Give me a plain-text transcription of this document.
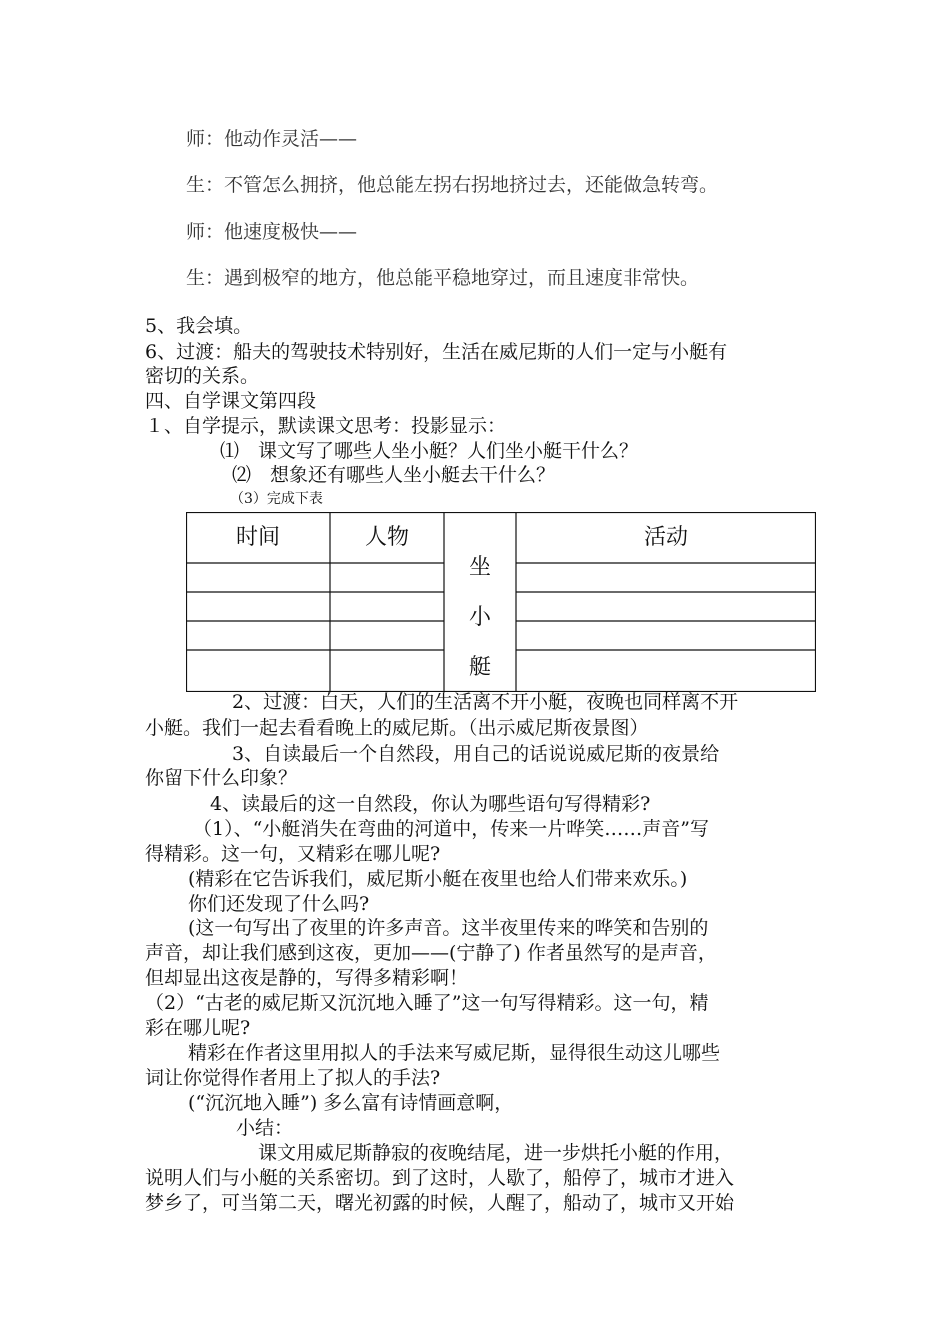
师：他动作灵活——
生：不管怎么拥挤，他总能左拐右拐地挤过去，还能做急转弯。
师：他速度极快——
生：遇到极窄的地方，他总能平稳地穿过，而且速度非常快。
5、我会填。
6、过渡：船夫的驾驶技术特别好，生活在威尼斯的人们一定与小艇有
密切的关系。
四、自学课文第四段
１、自学提示，默读课文思考：投影显示：
⑴　课文写了哪些人坐小艇？人们坐小艇干什么？
⑵　想象还有哪些人坐小艇去干什么？
（3）完成下表
时间	人物	活动
坐
小
艇
2、过渡：白天，人们的生活离不开小艇，夜晚也同样离不开
小艇。我们一起去看看晚上的威尼斯。（出示威尼斯夜景图）
3、自读最后一个自然段，用自己的话说说威尼斯的夜景给
你留下什么印象？
4、读最后的这一自然段，你认为哪些语句写得精彩?
（1）、“小艇消失在弯曲的河道中，传来一片哗笑……声音”写
得精彩。这一句，又精彩在哪儿呢?
(精彩在它告诉我们，威尼斯小艇在夜里也给人们带来欢乐。)
你们还发现了什么吗?
(这一句写出了夜里的许多声音。这半夜里传来的哗笑和告别的
声音，却让我们感到这夜，更加——(宁静了) 作者虽然写的是声音，
但却显出这夜是静的，写得多精彩啊！
（2）“古老的威尼斯又沉沉地入睡了”这一句写得精彩。这一句，精
彩在哪儿呢?
精彩在作者这里用拟人的手法来写威尼斯，显得很生动这儿哪些
词让你觉得作者用上了拟人的手法?
(“沉沉地入睡”) 多么富有诗情画意啊，
小结：
课文用威尼斯静寂的夜晚结尾，进一步烘托小艇的作用，
说明人们与小艇的关系密切。到了这时，人歇了，船停了，城市才进入
梦乡了，可当第二天，曙光初露的时候，人醒了，船动了，城市又开始
